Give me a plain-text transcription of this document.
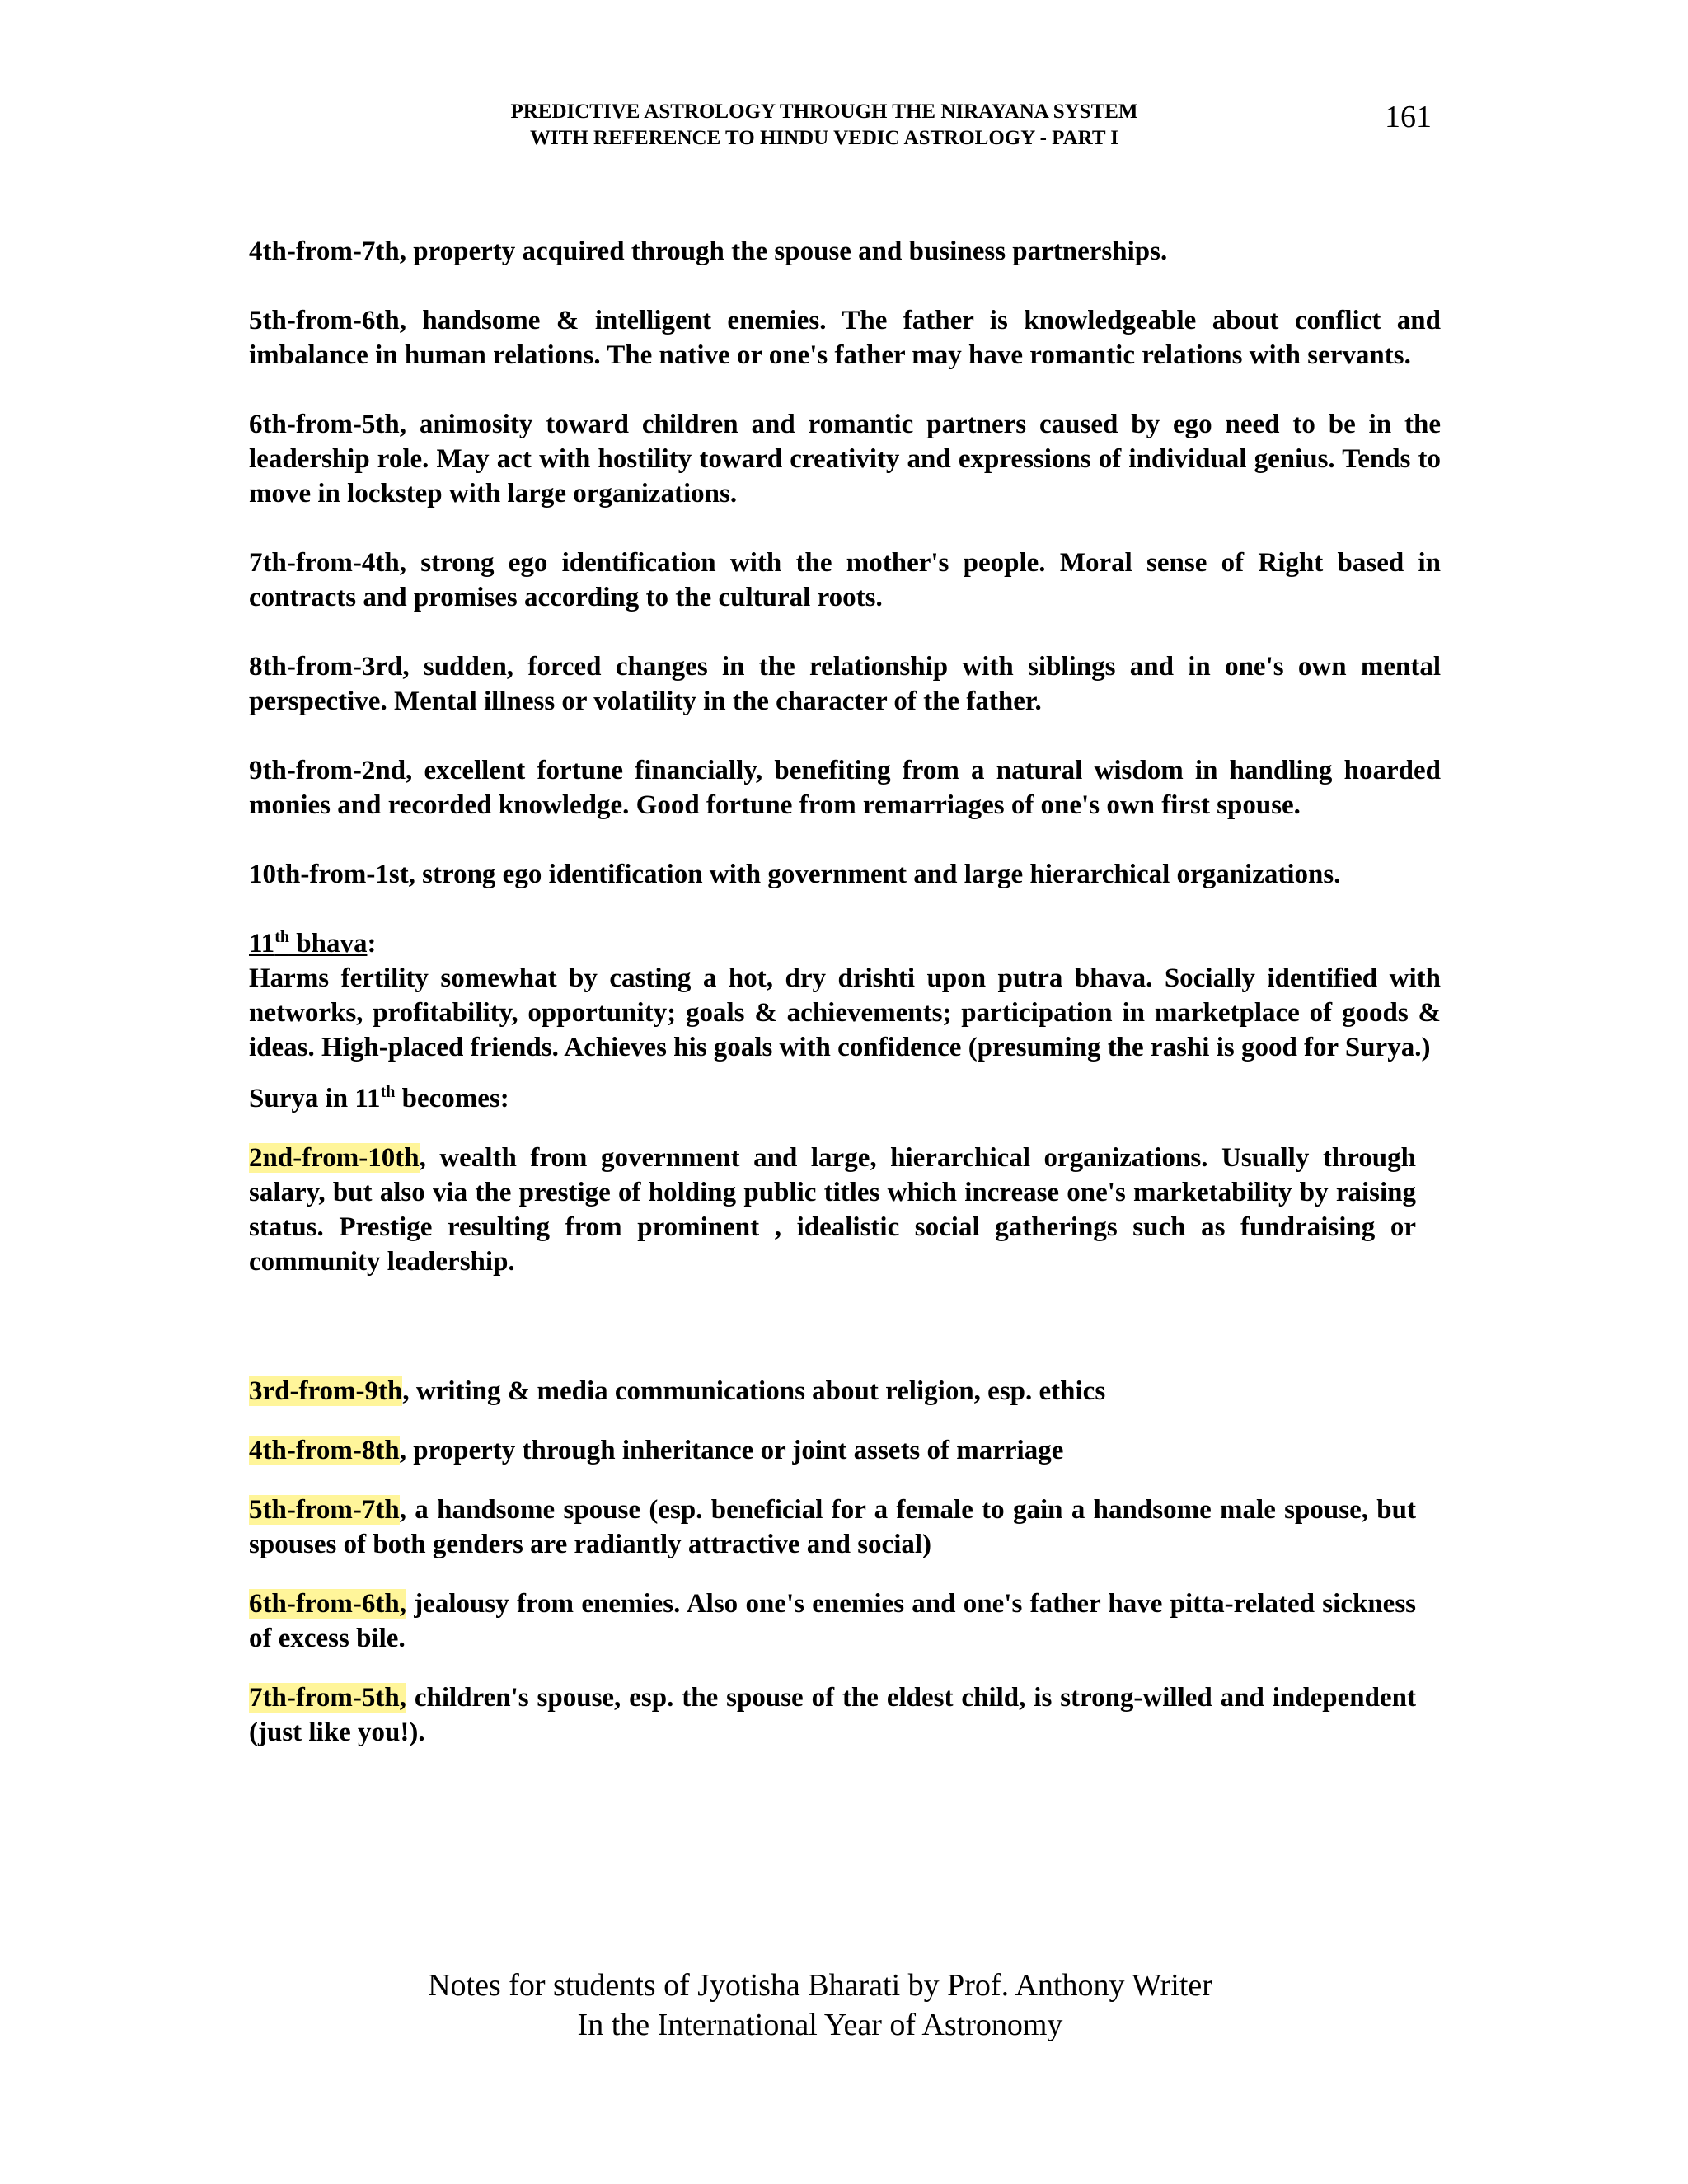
PREDICTIVE ASTROLOGY THROUGH THE NIRAYANA SYSTEM
WITH REFERENCE TO HINDU VEDIC ASTROLOGY - PART I
161

4th-from-7th, property acquired through the spouse and business partnerships.

5th-from-6th, handsome & intelligent enemies. The father is knowledgeable about conflict and imbalance in human relations. The native or one's father may have romantic relations with servants.

6th-from-5th, animosity toward children and romantic partners caused by ego need to be in the leadership role. May act with hostility toward creativity and expressions of individual genius. Tends to move in lockstep with large organizations.

7th-from-4th, strong ego identification with the mother's people. Moral sense of Right based in contracts and promises according to the cultural roots.

8th-from-3rd, sudden, forced changes in the relationship with siblings and in one's own mental perspective. Mental illness or volatility in the character of the father.

9th-from-2nd, excellent fortune financially, benefiting from a natural wisdom in handling hoarded monies and recorded knowledge. Good fortune from remarriages of one's own first spouse.

10th-from-1st, strong ego identification with government and large hierarchical organizations.

11th bhava:

Harms fertility somewhat by casting a hot, dry drishti upon putra bhava. Socially identified with networks, profitability, opportunity; goals & achievements; participation in marketplace of goods & ideas. High-placed friends. Achieves his goals with confidence (presuming the rashi is good for Surya.)

Surya in 11th becomes:

2nd-from-10th, wealth from government and large, hierarchical organizations. Usually through salary, but also via the prestige of holding public titles which increase one's marketability by raising status. Prestige resulting from prominent , idealistic social gatherings such as fundraising or community leadership.

3rd-from-9th, writing & media communications about religion, esp. ethics

4th-from-8th, property through inheritance or joint assets of marriage

5th-from-7th, a handsome spouse (esp. beneficial for a female to gain a handsome male spouse, but spouses of both genders are radiantly attractive and social)

6th-from-6th, jealousy from enemies. Also one's enemies and one's father have pitta-related sickness of excess bile.

7th-from-5th, children's spouse, esp. the spouse of the eldest child, is strong-willed and independent (just like you!).

Notes for students of Jyotisha Bharati by Prof. Anthony Writer
In the International Year of Astronomy
